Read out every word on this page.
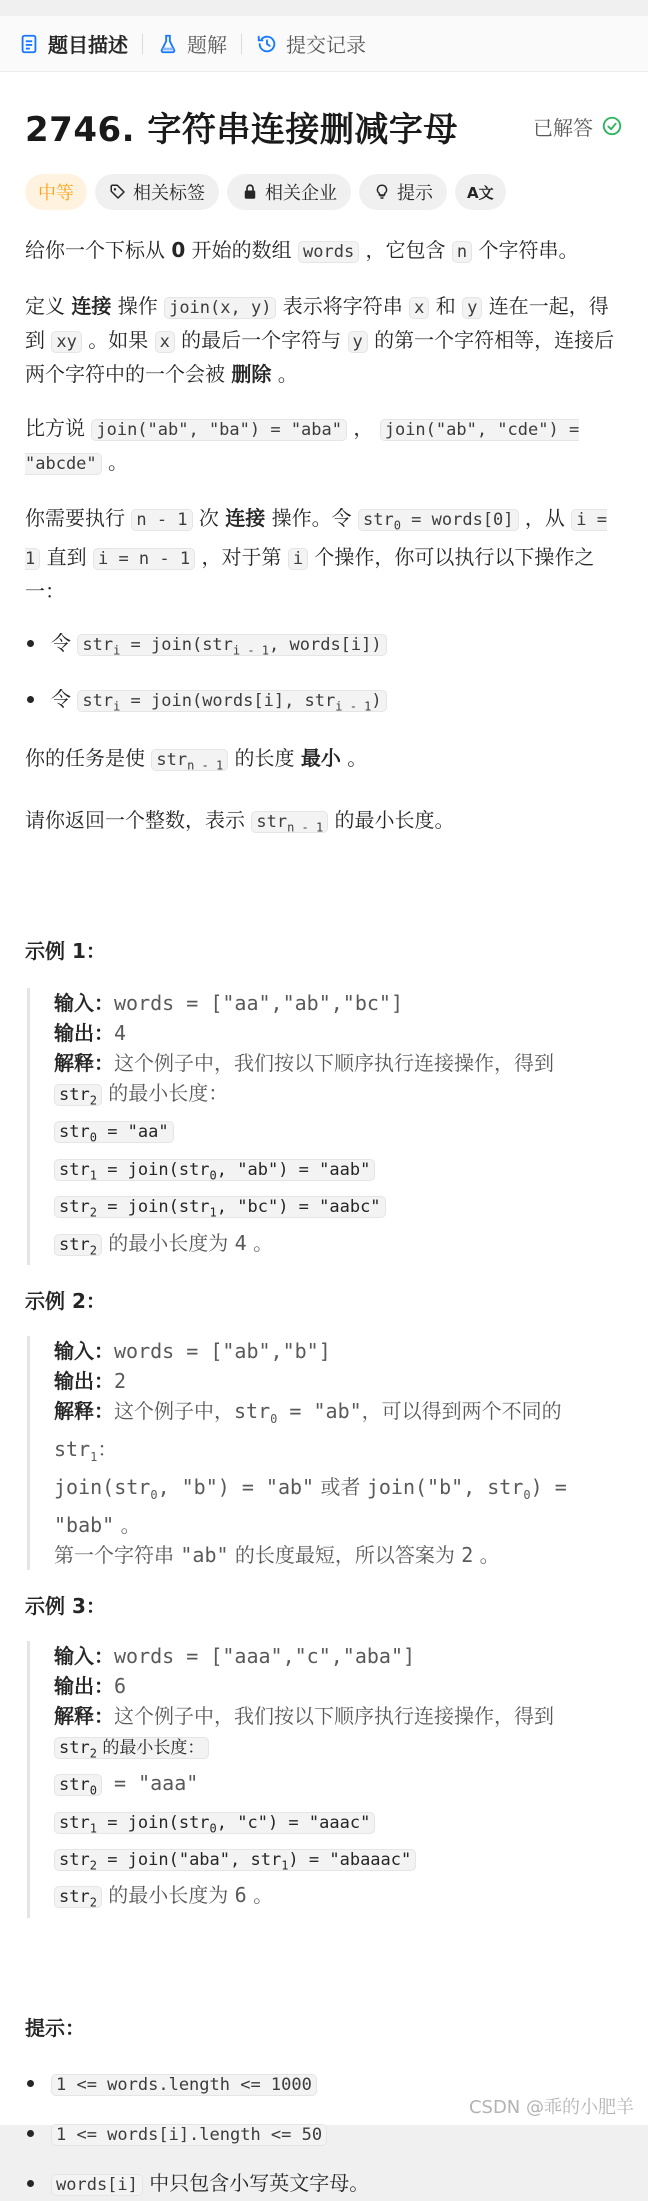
题目描述	题解	提交记录
2746. 字符串连接删减字母	已解答
中等	相关标签	相关企业	提示 A文

给你一个下标从 0 开始的数组 words ，它包含 n 个字符串。

定义 连接 操作 join(x, y) 表示将字符串 x 和 y 连在一起，得到 xy 。如果 x 的最后一个字符与 y 的第一个字符相等，连接后两个字符中的一个会被 删除 。

比方说 join("ab", "ba") = "aba" ， join("ab", "cde") = "abcde" 。

你需要执行 n - 1 次 连接 操作。令 str$_0$ = words[0] ，从 i = 1 直到 i = n - 1 ，对于第 i 个操作，你可以执行以下操作之一：

令 str$_i$ = join(str$_{i - 1}$, words[i])
令 str$_i$ = join(words[i], str$_{i - 1}$)

你的任务是使 str$_{n - 1}$ 的长度 最小 。

请你返回一个整数，表示 str$_{n - 1}$ 的最小长度。

示例 1：
输入：words = ["aa","ab","bc"]
输出：4
解释：这个例子中，我们按以下顺序执行连接操作，得到
str$_2$ 的最小长度：
str$_0$ = "aa"
str$_1$ = join(str$_0$, "ab") = "aab"
str$_2$ = join(str$_1$, "bc") = "aabc"
str$_2$ 的最小长度为 4 。
示例 2：
输入：words = ["ab","b"]
输出：2
解释：这个例子中，str$_0$ = "ab"，可以得到两个不同的
str$_1$：
join(str$_0$, "b") = "ab" 或者 join("b", str$_0$) =
"bab" 。
第一个字符串 "ab" 的长度最短，所以答案为 2 。
示例 3：
输入：words = ["aaa","c","aba"]
输出：6
解释：这个例子中，我们按以下顺序执行连接操作，得到
str$_2$ 的最小长度：
str$_0$ = "aaa"
str$_1$ = join(str$_0$, "c") = "aaac"
str$_2$ = join("aba", str$_1$) = "abaaac"
str$_2$ 的最小长度为 6 。
提示：
1 <= words.length <= 1000
1 <= words[i].length <= 50
words[i] 中只包含小写英文字母。
CSDN @乖的小肥羊
